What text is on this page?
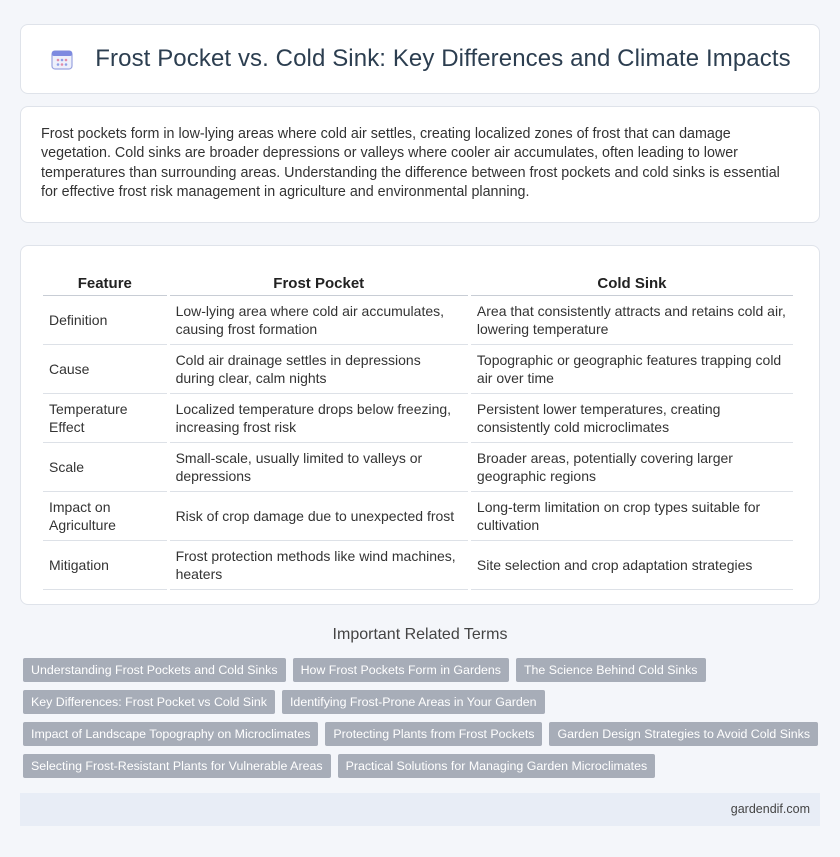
Frost Pocket vs. Cold Sink: Key Differences and Climate Impacts

Frost pockets form in low-lying areas where cold air settles, creating localized zones of frost that can damage vegetation. Cold sinks are broader depressions or valleys where cooler air accumulates, often leading to lower temperatures than surrounding areas. Understanding the difference between frost pockets and cold sinks is essential for effective frost risk management in agriculture and environmental planning.

Feature	Frost Pocket	Cold Sink
Definition	Low-lying area where cold air accumulates, causing frost formation	Area that consistently attracts and retains cold air, lowering temperature
Cause	Cold air drainage settles in depressions during clear, calm nights	Topographic or geographic features trapping cold air over time
Temperature Effect	Localized temperature drops below freezing, increasing frost risk	Persistent lower temperatures, creating consistently cold microclimates
Scale	Small-scale, usually limited to valleys or depressions	Broader areas, potentially covering larger geographic regions
Impact on Agriculture	Risk of crop damage due to unexpected frost	Long-term limitation on crop types suitable for cultivation
Mitigation	Frost protection methods like wind machines, heaters	Site selection and crop adaptation strategies
Important Related Terms
Understanding Frost Pockets and Cold Sinks	How Frost Pockets Form in Gardens	The Science Behind Cold Sinks
Key Differences: Frost Pocket vs Cold Sink	Identifying Frost-Prone Areas in Your Garden
Impact of Landscape Topography on Microclimates	Protecting Plants from Frost Pockets	Garden Design Strategies to Avoid Cold Sinks
Selecting Frost-Resistant Plants for Vulnerable Areas	Practical Solutions for Managing Garden Microclimates
gardendif.com
